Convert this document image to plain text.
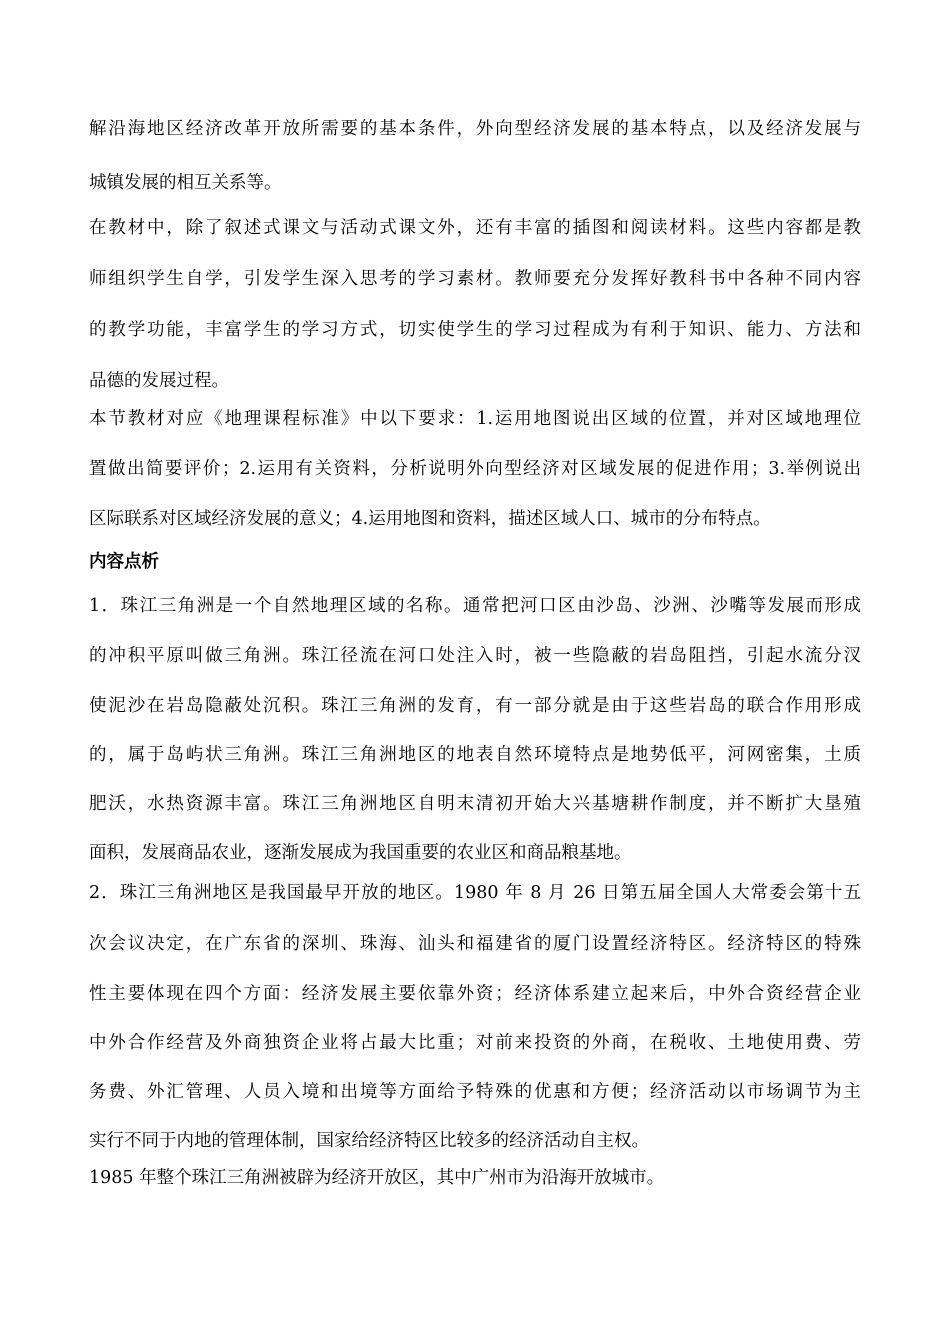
解沿海地区经济改革开放所需要的基本条件，外向型经济发展的基本特点，以及经济发展与
城镇发展的相互关系等。
在教材中，除了叙述式课文与活动式课文外，还有丰富的插图和阅读材料。这些内容都是教
师组织学生自学，引发学生深入思考的学习素材。教师要充分发挥好教科书中各种不同内容
的教学功能，丰富学生的学习方式，切实使学生的学习过程成为有利于知识、能力、方法和
品德的发展过程。
本节教材对应《地理课程标准》中以下要求：1.运用地图说出区域的位置，并对区域地理位
置做出简要评价；2.运用有关资料，分析说明外向型经济对区域发展的促进作用；3.举例说出
区际联系对区域经济发展的意义；4.运用地图和资料，描述区域人口、城市的分布特点。
内容点析
1．珠江三角洲是一个自然地理区域的名称。通常把河口区由沙岛、沙洲、沙嘴等发展而形成
的冲积平原叫做三角洲。珠江径流在河口处注入时，被一些隐蔽的岩岛阻挡，引起水流分汊
使泥沙在岩岛隐蔽处沉积。珠江三角洲的发育，有一部分就是由于这些岩岛的联合作用形成
的，属于岛屿状三角洲。珠江三角洲地区的地表自然环境特点是地势低平，河网密集，土质
肥沃，水热资源丰富。珠江三角洲地区自明末清初开始大兴基塘耕作制度，并不断扩大垦殖
面积，发展商品农业，逐渐发展成为我国重要的农业区和商品粮基地。
2．珠江三角洲地区是我国最早开放的地区。1980 年 8 月 26 日第五届全国人大常委会第十五
次会议决定，在广东省的深圳、珠海、汕头和福建省的厦门设置经济特区。经济特区的特殊
性主要体现在四个方面：经济发展主要依靠外资；经济体系建立起来后，中外合资经营企业
中外合作经营及外商独资企业将占最大比重；对前来投资的外商，在税收、土地使用费、劳
务费、外汇管理、人员入境和出境等方面给予特殊的优惠和方便；经济活动以市场调节为主
实行不同于内地的管理体制，国家给经济特区比较多的经济活动自主权。
1985 年整个珠江三角洲被辟为经济开放区，其中广州市为沿海开放城市。
